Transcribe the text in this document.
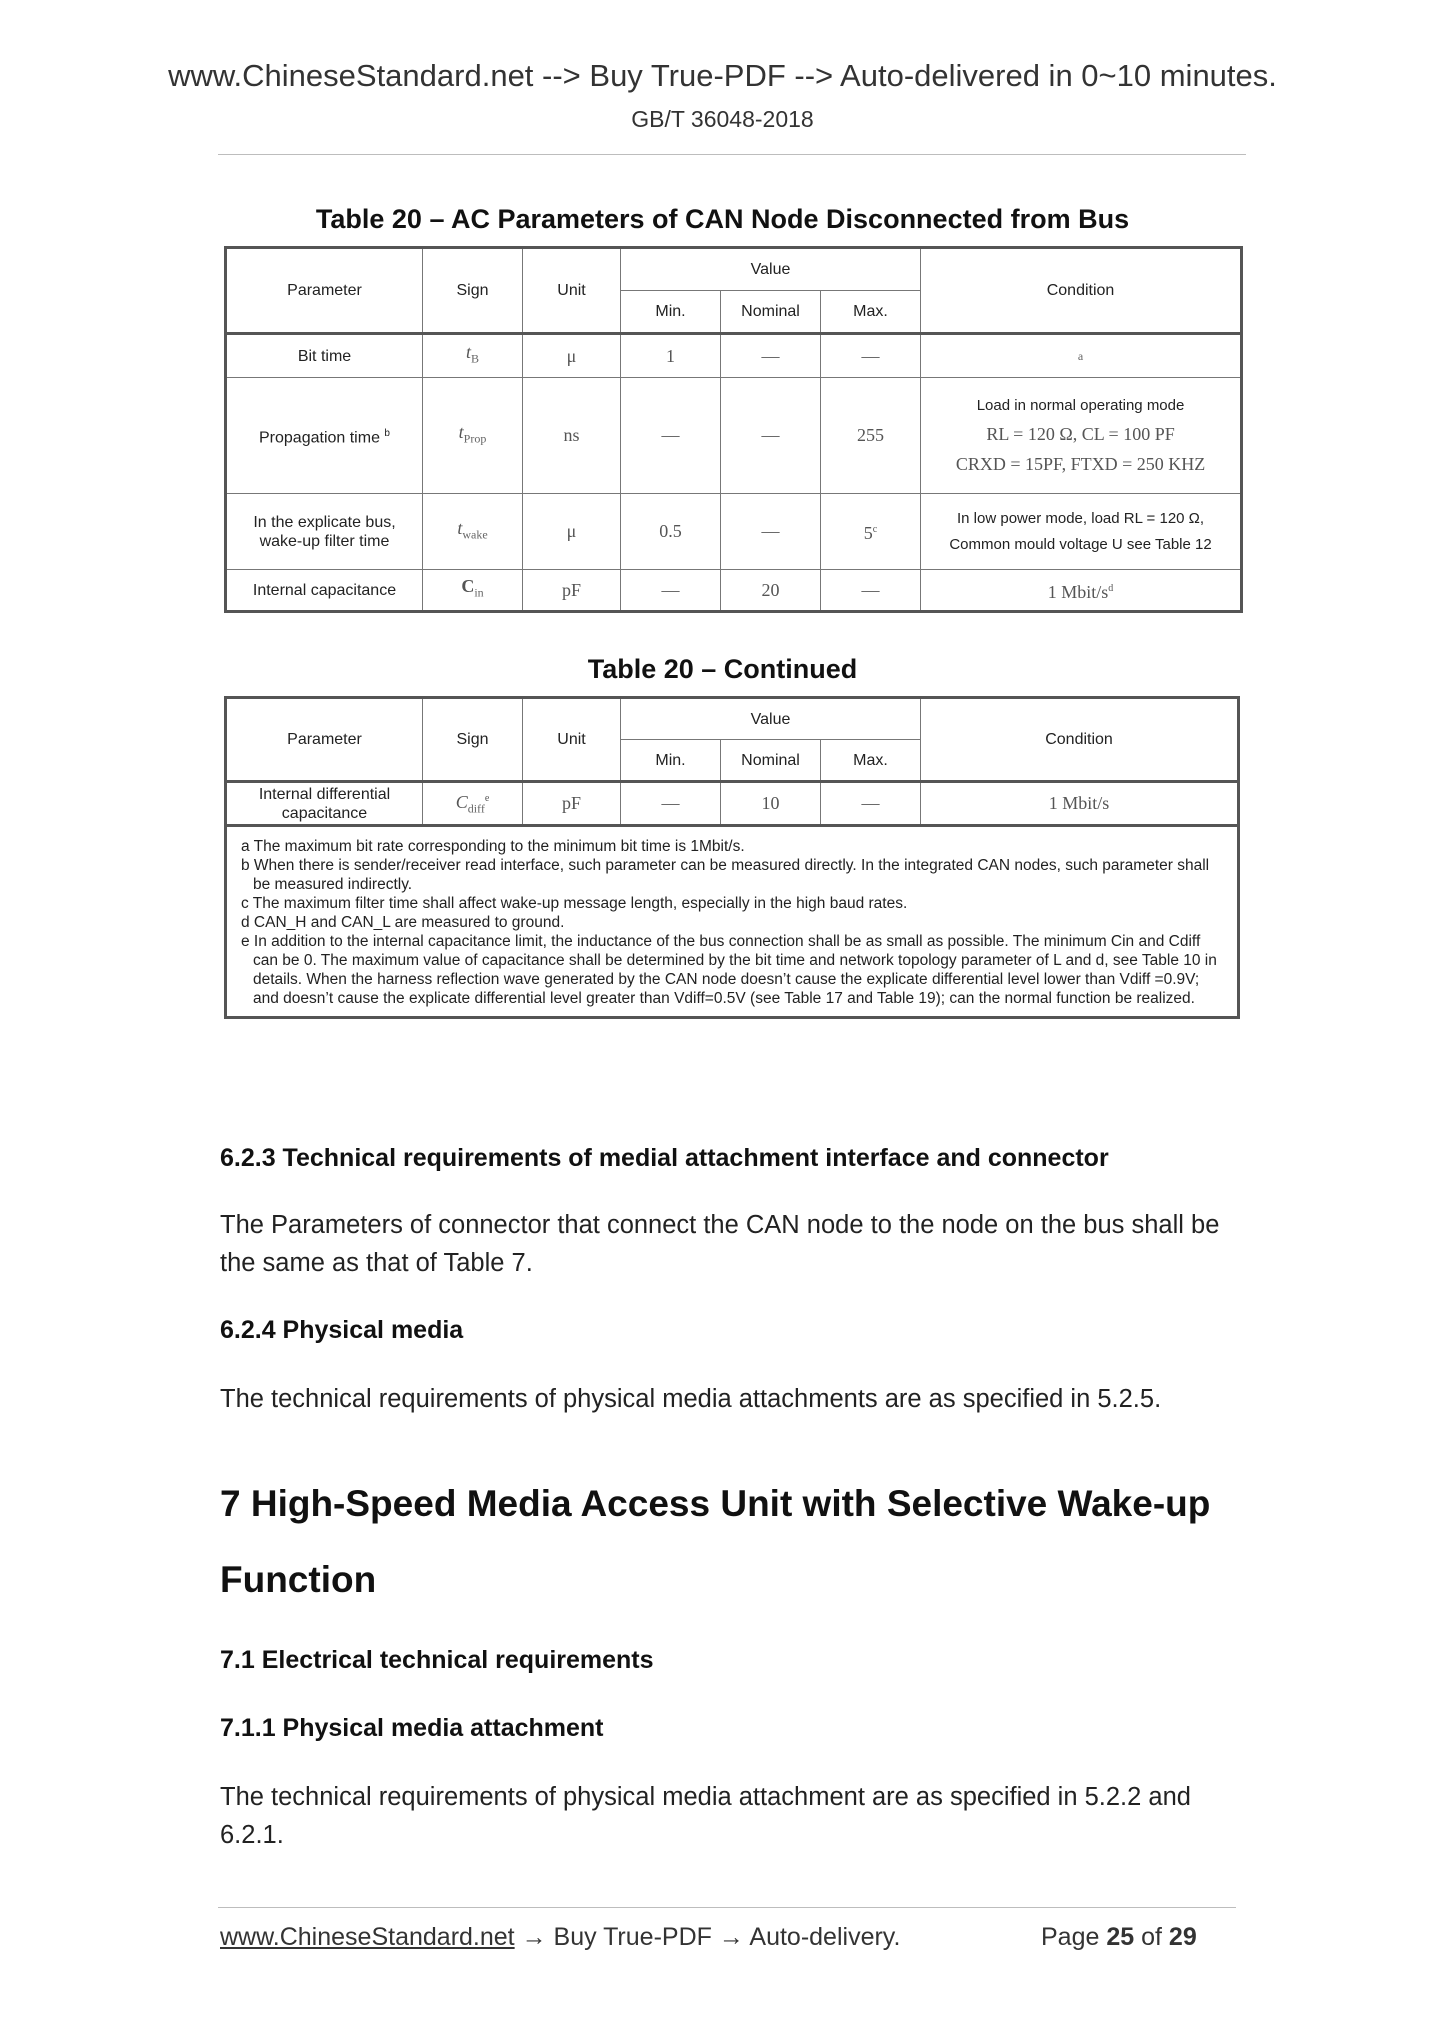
www.ChineseStandard.net --> Buy True-PDF --> Auto-delivered in 0~10 minutes.
GB/T 36048-2018
Table 20 – AC Parameters of CAN Node Disconnected from Bus
Parameter	Sign	Unit	Value			Condition
			Min.	Nominal	Max.	
Bit time	$t_B$	μ	1	—	—	a
Propagation time $^b$	$t_{Prop}$	ns	—	—	255	Load in normal operating mode
RL = 120 Ω, CL = 100 PF
CRXD = 15PF, FTXD = 250 KHZ

In the explicate bus, wake-up filter time	$t_{wake}$	μ	0.5	—	5$^c$	In low power mode, load RL = 120 Ω,
Common mould voltage U see Table 12

Internal capacitance	$C_{in}$	pF	—	20	—	1 Mbit/$s^d$
Table 20 – Continued
Parameter	Sign	Unit	Value			Condition
			Min.	Nominal	Max.	
Internal differential capacitance	$C_{diff}^e$	pF	—	10	—	1 Mbit/s

a The maximum bit rate corresponding to the minimum bit time is 1Mbit/s.

b When there is sender/receiver read interface, such parameter can be measured directly. In the integrated CAN nodes, such parameter shall be measured indirectly.

c The maximum filter time shall affect wake-up message length, especially in the high baud rates.

d CAN_H and CAN_L are measured to ground.

e In addition to the internal capacitance limit, the inductance of the bus connection shall be as small as possible. The minimum Cin and Cdiff can be 0. The maximum value of capacitance shall be determined by the bit time and network topology parameter of L and d, see Table 10 in details. When the harness reflection wave generated by the CAN node doesn’t cause the explicate differential level lower than Vdiff =0.9V; and doesn’t cause the explicate differential level greater than Vdiff=0.5V (see Table 17 and Table 19); can the normal function be realized.						

6.2.3 Technical requirements of medial attachment interface and connector
The Parameters of connector that connect the CAN node to the node on the bus shall be the same as that of Table 7.
6.2.4 Physical media
The technical requirements of physical media attachments are as specified in 5.2.5.
7 High-Speed Media Access Unit with Selective Wake-up Function
7.1 Electrical technical requirements
7.1.1 Physical media attachment
The technical requirements of physical media attachment are as specified in 5.2.2 and 6.2.1.
www.ChineseStandard.net → Buy True-PDF → Auto-delivery.	Page 25 of 29
